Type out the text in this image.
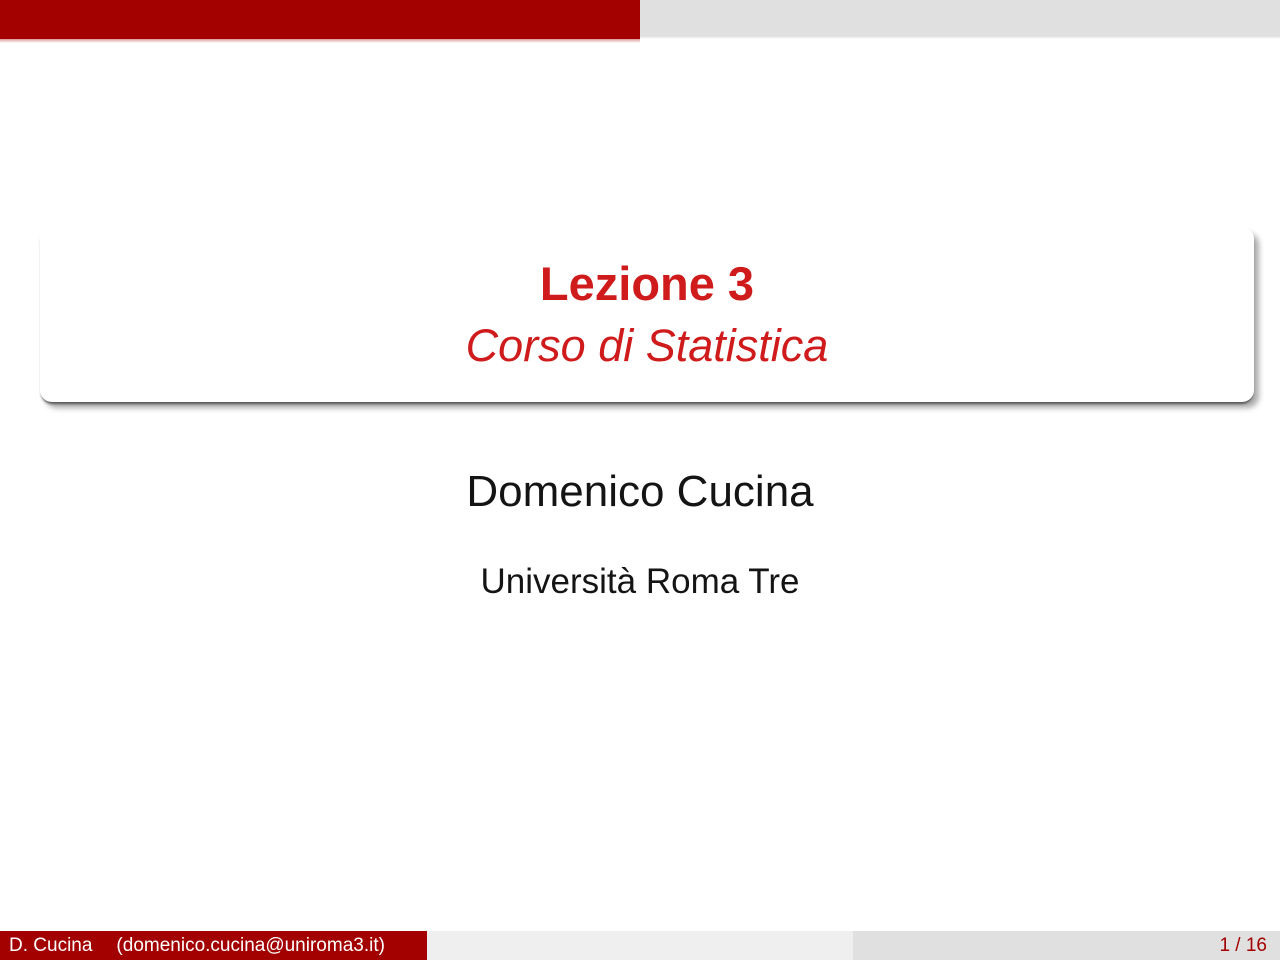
Lezione 3
Corso di Statistica
Domenico Cucina
Università Roma Tre
D. Cucina (domenico.cucina@uniroma3.it)	1 / 16
